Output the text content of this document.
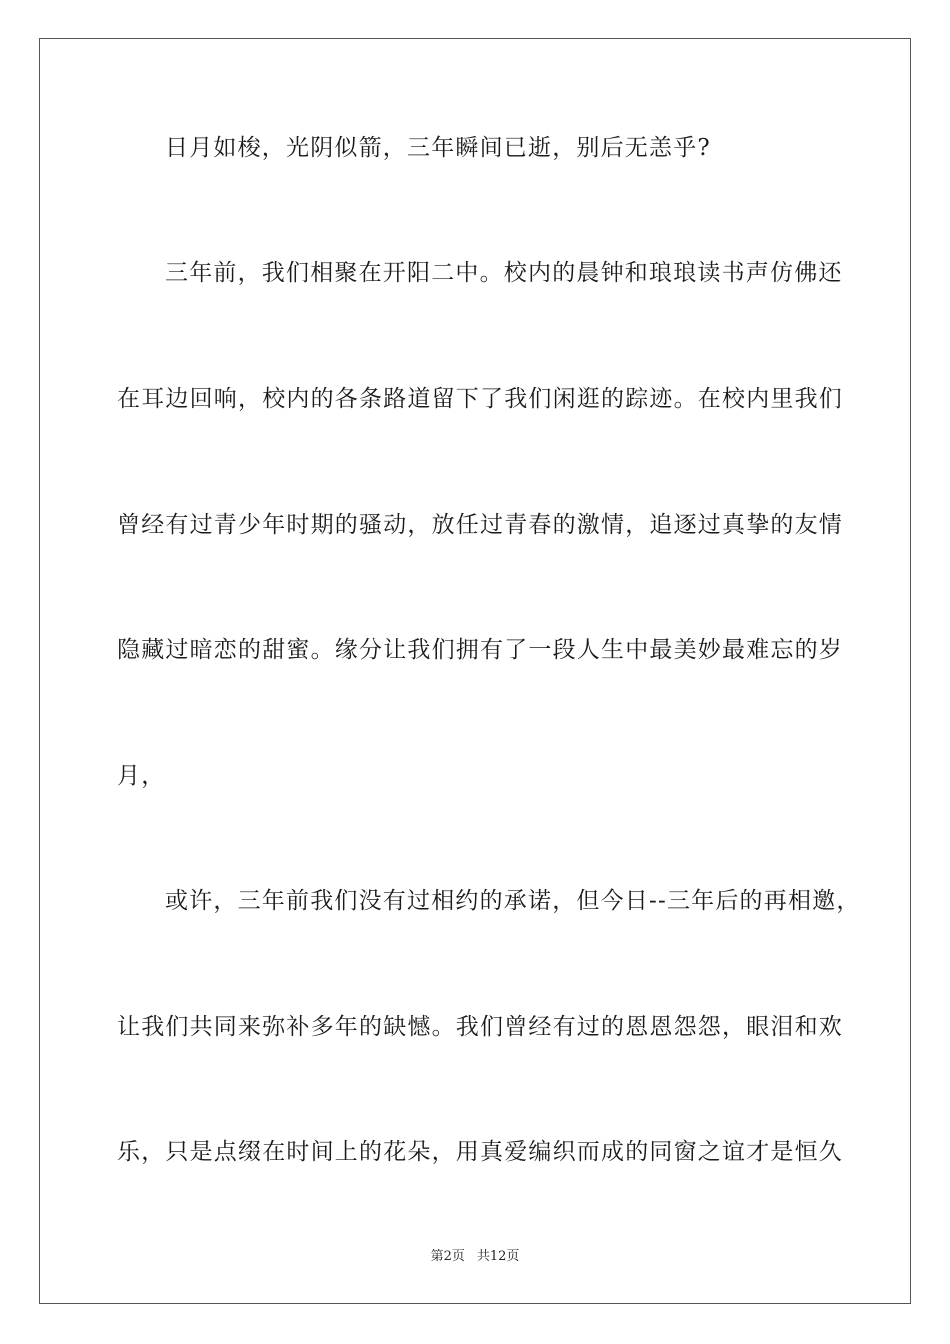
日月如梭，光阴似箭，三年瞬间已逝，别后无恙乎?
三年前，我们相聚在开阳二中。校内的晨钟和琅琅读书声仿佛还
在耳边回响，校内的各条路道留下了我们闲逛的踪迹。在校内里我们
曾经有过青少年时期的骚动，放任过青春的激情，追逐过真挚的友情
隐藏过暗恋的甜蜜。缘分让我们拥有了一段人生中最美妙最难忘的岁
月，
或许，三年前我们没有过相约的承诺，但今日--三年后的再相邀，
让我们共同来弥补多年的缺憾。我们曾经有过的恩恩怨怨，眼泪和欢
乐，只是点缀在时间上的花朵，用真爱编织而成的同窗之谊才是恒久
第2页 共12页
